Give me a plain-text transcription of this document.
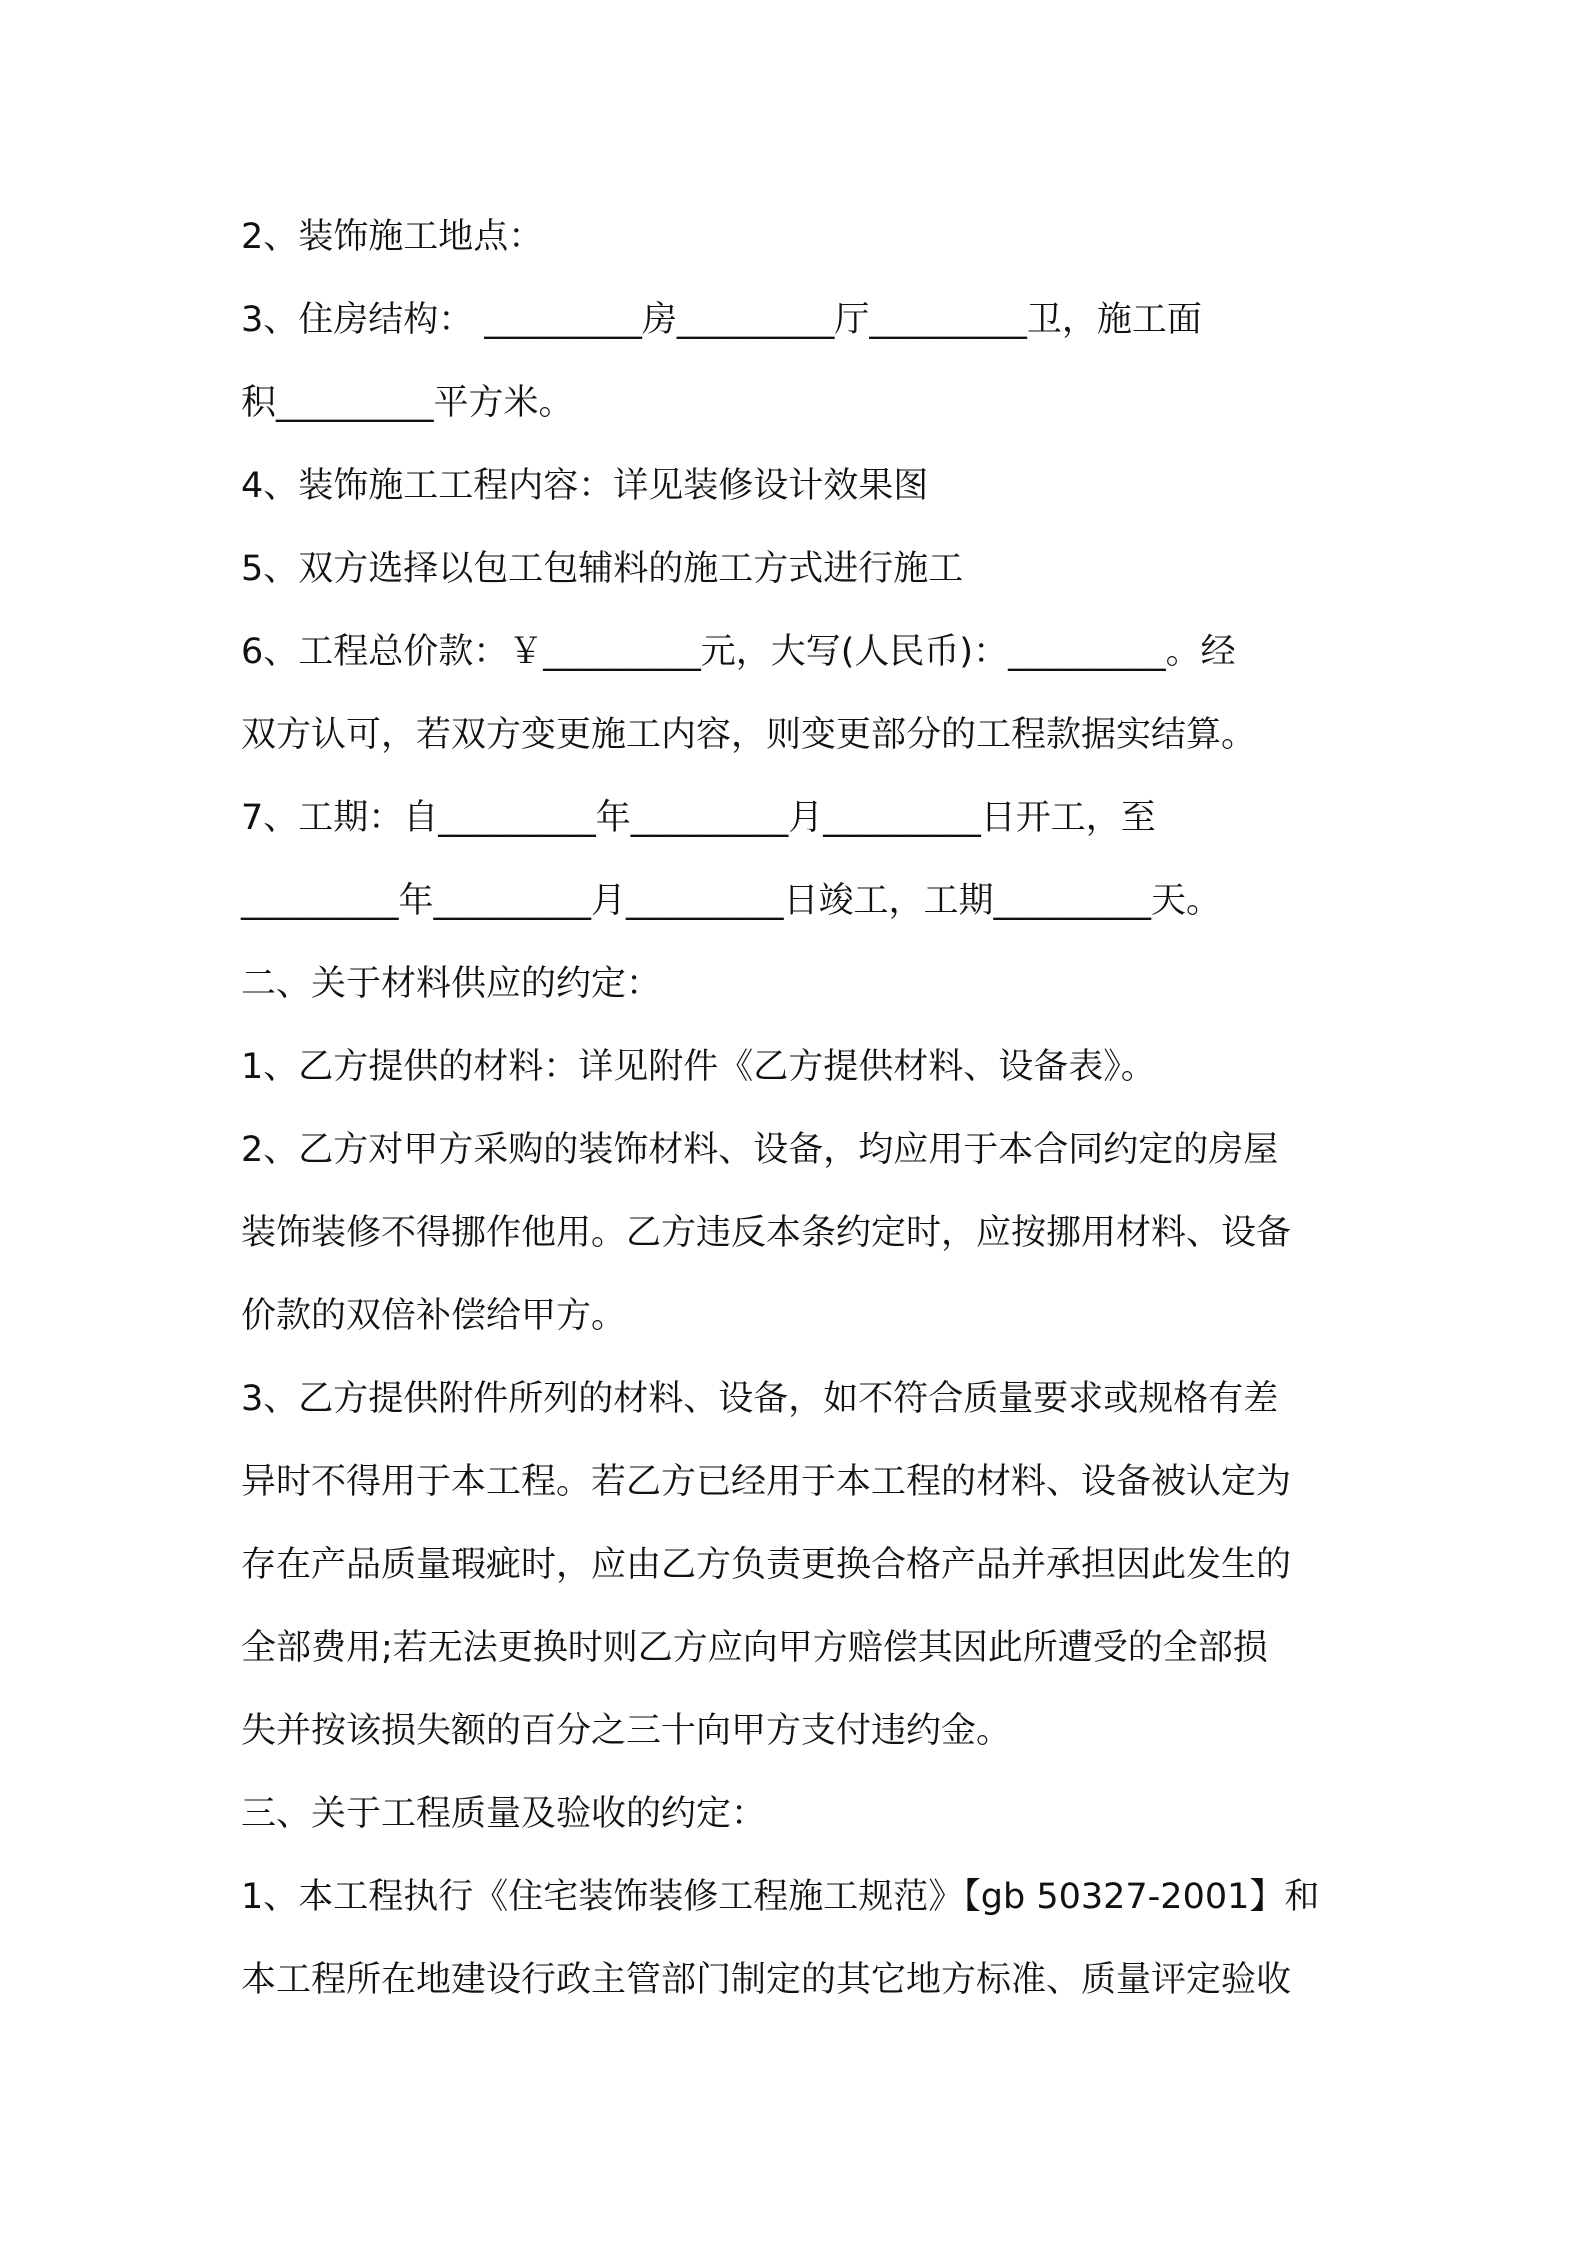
2、装饰施工地点：
3、住房结构： _________房_________厅_________卫，施工面
积_________平方米。
4、装饰施工工程内容：详见装修设计效果图
5、双方选择以包工包辅料的施工方式进行施工
6、工程总价款：￥_________元，大写(人民币)：_________。经
双方认可，若双方变更施工内容，则变更部分的工程款据实结算。
7、工期：自_________年_________月_________日开工，至
_________年_________月_________日竣工，工期_________天。
二、关于材料供应的约定：
1、乙方提供的材料：详见附件《乙方提供材料、设备表》。
2、乙方对甲方采购的装饰材料、设备，均应用于本合同约定的房屋
装饰装修不得挪作他用。乙方违反本条约定时，应按挪用材料、设备
价款的双倍补偿给甲方。
3、乙方提供附件所列的材料、设备，如不符合质量要求或规格有差
异时不得用于本工程。若乙方已经用于本工程的材料、设备被认定为
存在产品质量瑕疵时，应由乙方负责更换合格产品并承担因此发生的
全部费用;若无法更换时则乙方应向甲方赔偿其因此所遭受的全部损
失并按该损失额的百分之三十向甲方支付违约金。
三、关于工程质量及验收的约定：
1、本工程执行《住宅装饰装修工程施工规范》【gb 50327-2001】和
本工程所在地建设行政主管部门制定的其它地方标准、质量评定验收
